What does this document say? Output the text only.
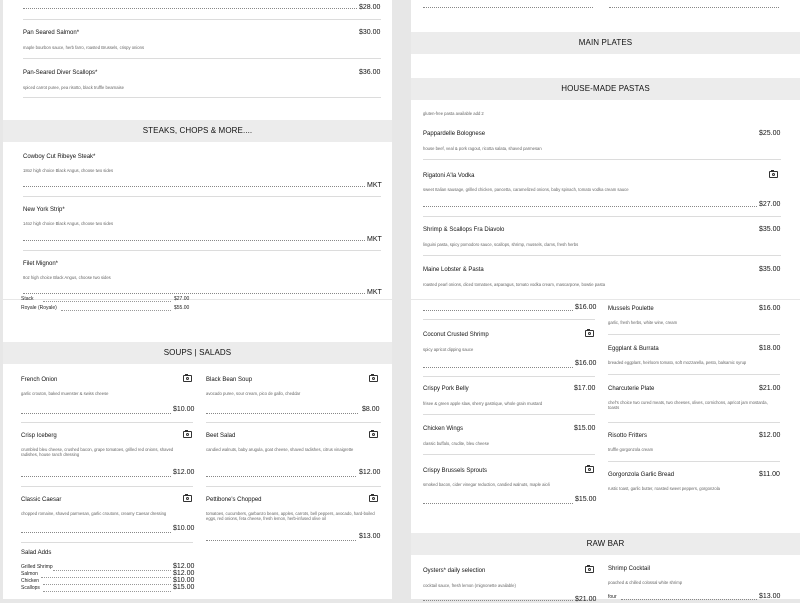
$28.00
Pan Seared Salmon*	$30.00
maple bourbon sauce, herb farro, roasted Brussels, crispy onions
Pan-Seared Diver Scallops*	$36.00
spiced carrot puree, pea risotto, black truffle bearnaise
STEAKS, CHOPS & MORE....
Cowboy Cut Ribeye Steak*
18oz high choice Black Angus, choose two sides
MKT
New York Strip*
14oz high choice Black Angus, choose two sides
MKT
Filet Mignon*
8oz high choice Black Angus, choose two sides
MKT
MAIN PLATES
HOUSE-MADE PASTAS
gluten-free pasta available add 2
Pappardelle Bolognese	$25.00
house beef, veal & pork ragout, ricotta salata, shaved parmesan
Rigatoni A'la Vodka
sweet Italian sausage, grilled chicken, pancetta, caramelized onions, baby spinach, tomato vodka cream sauce
$27.00
Shrimp & Scallops Fra Diavolo	$35.00
linguini pasta, spicy pomodoro sauce, scallops, shrimp, mussels, clams, fresh herbs
Maine Lobster & Pasta	$35.00
roasted pearl onions, diced tomatoes, asparagus, tomato vodka cream, mascarpone, bowtie pasta
Stack	$27.00
Royale (Royale)	$55.00
SOUPS | SALADS
French Onion
garlic crouton, baked muenster & swiss cheese
$10.00
Crisp Iceberg
crumbled bleu cheese, crushed bacon, grape tomatoes, grilled red onions, shaved radishes, house ranch dressing
$12.00
Classic Caesar
chopped romaine, shaved parmesan, garlic croutons, creamy Caesar dressing
$10.00
Salad Adds
Grilled Shrimp	$12.00
Salmon	$12.00
Chicken	$10.00
Scallops	$15.00
Black Bean Soup
avocado puree, sour cream, pico de gallo, cheddar
$8.00
Beet Salad
candied walnuts, baby arugula, goat cheese, shaved radishes, citrus vinaigrette
$12.00
Pettibone's Chopped
tomatoes, cucumbers, garbanzo beans, apples, carrots, bell peppers, avocado, hard-boiled eggs, red onions, feta cheese, fresh lemon, herb-infused olive oil
$13.00
$16.00
Coconut Crusted Shrimp
spicy apricot dipping sauce
$16.00
Crispy Pork Belly	$17.00
frisee & green apple slaw, sherry gastrique, whole grain mustard
Chicken Wings	$15.00
classic buffalo, crudite, bleu cheese
Crispy Brussels Sprouts
smoked bacon, cider vinegar reduction, candied walnuts, maple aioli
$15.00
Mussels Poulette	$16.00
garlic, fresh herbs, white wine, cream
Eggplant & Burrata	$18.00
breaded eggplant, heirloom tomato, soft mozzarella, pesto, balsamic syrup
Charcuterie Plate	$21.00
chef's choice two cured meats, two cheeses, olives, cornichons, apricot jam mostarda, toasts
Risotto Fritters	$12.00
truffle gorgonzola cream
Gorgonzola Garlic Bread	$11.00
rustic toast, garlic butter, roasted sweet peppers, gorgonzola
RAW BAR
Oysters* daily selection
cocktail sauce, fresh lemon (mignonette available)
$21.00
Shrimp Cocktail
poached & chilled colossal white shrimp
four	$13.00
